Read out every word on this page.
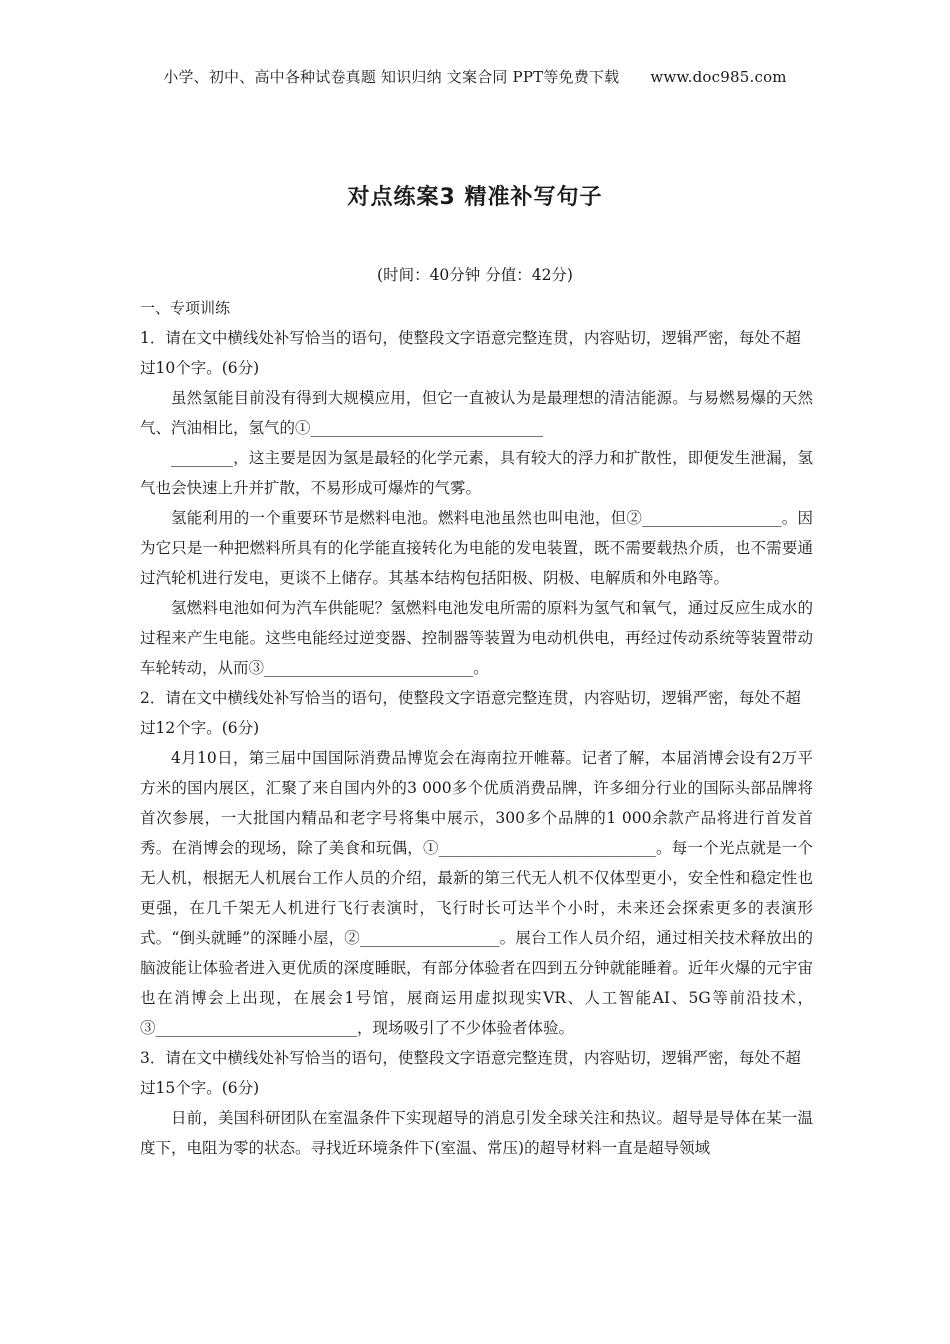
小学、初中、高中各种试卷真题 知识归纳 文案合同 PPT等免费下载 www.doc985.com
对点练案3 精准补写句子
(时间：40分钟 分值：42分)

一、专项训练

1．请在文中横线处补写恰当的语句，使整段文字语意完整连贯，内容贴切，逻辑严密，每处不超过10个字。(6分)

虽然氢能目前没有得到大规模应用，但它一直被认为是最理想的清洁能源。与易燃易爆的天然气、汽油相比，氢气的①______________________________

________，这主要是因为氢是最轻的化学元素，具有较大的浮力和扩散性，即便发生泄漏，氢气也会快速上升并扩散，不易形成可爆炸的气雾。

氢能利用的一个重要环节是燃料电池。燃料电池虽然也叫电池，但②__________________。因为它只是一种把燃料所具有的化学能直接转化为电能的发电装置，既不需要载热介质，也不需要通过汽轮机进行发电，更谈不上储存。其基本结构包括阳极、阴极、电解质和外电路等。

氢燃料电池如何为汽车供能呢？氢燃料电池发电所需的原料为氢气和氧气，通过反应生成水的过程来产生电能。这些电能经过逆变器、控制器等装置为电动机供电，再经过传动系统等装置带动车轮转动，从而③___________________________。

2．请在文中横线处补写恰当的语句，使整段文字语意完整连贯，内容贴切，逻辑严密，每处不超过12个字。(6分)

4月10日，第三届中国国际消费品博览会在海南拉开帷幕。记者了解，本届消博会设有2万平方米的国内展区，汇聚了来自国内外的3 000多个优质消费品牌，许多细分行业的国际头部品牌将首次参展，一大批国内精品和老字号将集中展示，300多个品牌的1 000余款产品将进行首发首秀。在消博会的现场，除了美食和玩偶，①____________________________。每一个光点就是一个无人机，根据无人机展台工作人员的介绍，最新的第三代无人机不仅体型更小，安全性和稳定性也更强，在几千架无人机进行飞行表演时，飞行时长可达半个小时，未来还会探索更多的表演形式。“倒头就睡”的深睡小屋，②__________________。展台工作人员介绍，通过相关技术释放出的脑波能让体验者进入更优质的深度睡眠，有部分体验者在四到五分钟就能睡着。近年火爆的元宇宙也在消博会上出现，在展会1号馆，展商运用虚拟现实VR、人工智能AI、5G等前沿技术，③__________________________，现场吸引了不少体验者体验。

3．请在文中横线处补写恰当的语句，使整段文字语意完整连贯，内容贴切，逻辑严密，每处不超过15个字。(6分)

日前，美国科研团队在室温条件下实现超导的消息引发全球关注和热议。超导是导体在某一温度下，电阻为零的状态。寻找近环境条件下(室温、常压)的超导材料一直是超导领域
